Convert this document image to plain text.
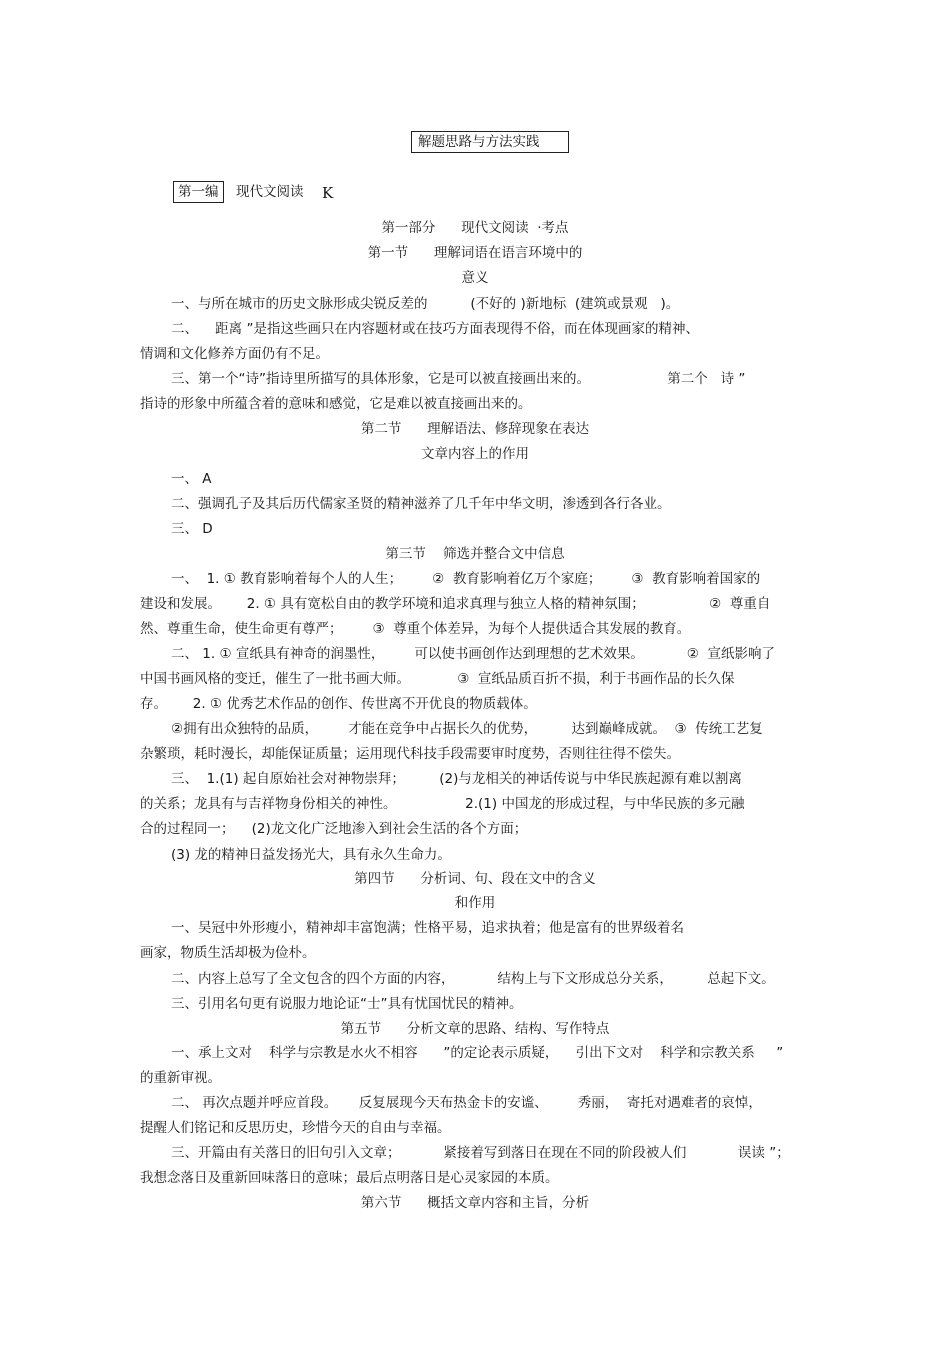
解题思路与方法实践
第一编	现代文阅读 K
第一部分      现代文阅读  ·考点
第一节      理解词语在语言环境中的
意义
一、与所在城市的历史文脉形成尖锐反差的          (不好的 )新地标  (建筑或景观   )。
二、    距离 ”是指这些画只在内容题材或在技巧方面表现得不俗，而在体现画家的精神、
情调和文化修养方面仍有不足。
三、第一个“诗”指诗里所描写的具体形象，它是可以被直接画出来的。                  第二个   诗 ”
指诗的形象中所蕴含着的意味和感觉，它是难以被直接画出来的。
第二节      理解语法、修辞现象在表达
文章内容上的作用
一、 A
二、强调孔子及其后历代儒家圣贤的精神滋养了几千年中华文明，渗透到各行各业。
三、 D
第三节    筛选并整合文中信息
一、  1. ① 教育影响着每个人的人生；       ②  教育影响着亿万个家庭；       ③  教育影响着国家的
建设和发展。      2. ① 具有宽松自由的教学环境和追求真理与独立人格的精神氛围；               ②  尊重自
然、尊重生命，使生命更有尊严；       ③  尊重个体差异，为每个人提供适合其发展的教育。
二、 1. ① 宣纸具有神奇的润墨性，       可以使书画创作达到理想的艺术效果。          ②  宣纸影响了
中国书画风格的变迁，催生了一批书画大师。           ③  宣纸品质百折不损，利于书画作品的长久保
存。      2. ① 优秀艺术作品的创作、传世离不开优良的物质载体。
②拥有出众独特的品质，       才能在竞争中占据长久的优势，        达到巅峰成就。  ③  传统工艺复
杂繁琐，耗时漫长，却能保证质量；运用现代科技手段需要审时度势，否则往往得不偿失。
三、  1.(1) 起自原始社会对神物崇拜；        (2)与龙相关的神话传说与中华民族起源有难以割离
的关系；龙具有与吉祥物身份相关的神性。                2.(1) 中国龙的形成过程，与中华民族的多元融
合的过程同一；    (2)龙文化广泛地渗入到社会生活的各个方面；
(3) 龙的精神日益发扬光大，具有永久生命力。
第四节      分析词、句、段在文中的含义
和作用
一、吴冠中外形瘦小，精神却丰富饱满；性格平易，追求执着；他是富有的世界级着名
画家，物质生活却极为俭朴。
二、内容上总写了全文包含的四个方面的内容，          结构上与下文形成总分关系，        总起下文。
三、引用名句更有说服力地论证“士”具有忧国忧民的精神。
第五节      分析文章的思路、结构、写作特点
一、承上文对    科学与宗教是水火不相容      ”的定论表示质疑，    引出下文对    科学和宗教关系     ”
的重新审视。
二、 再次点题并呼应首段。     反复展现今天布热金卡的安谧、       秀丽，  寄托对遇难者的哀悼，
提醒人们铭记和反思历史，珍惜今天的自由与幸福。
三、开篇由有关落日的旧句引入文章；          紧接着写到落日在现在不同的阶段被人们            误读 ”；
我想念落日及重新回味落日的意味；最后点明落日是心灵家园的本质。
第六节      概括文章内容和主旨，分析
